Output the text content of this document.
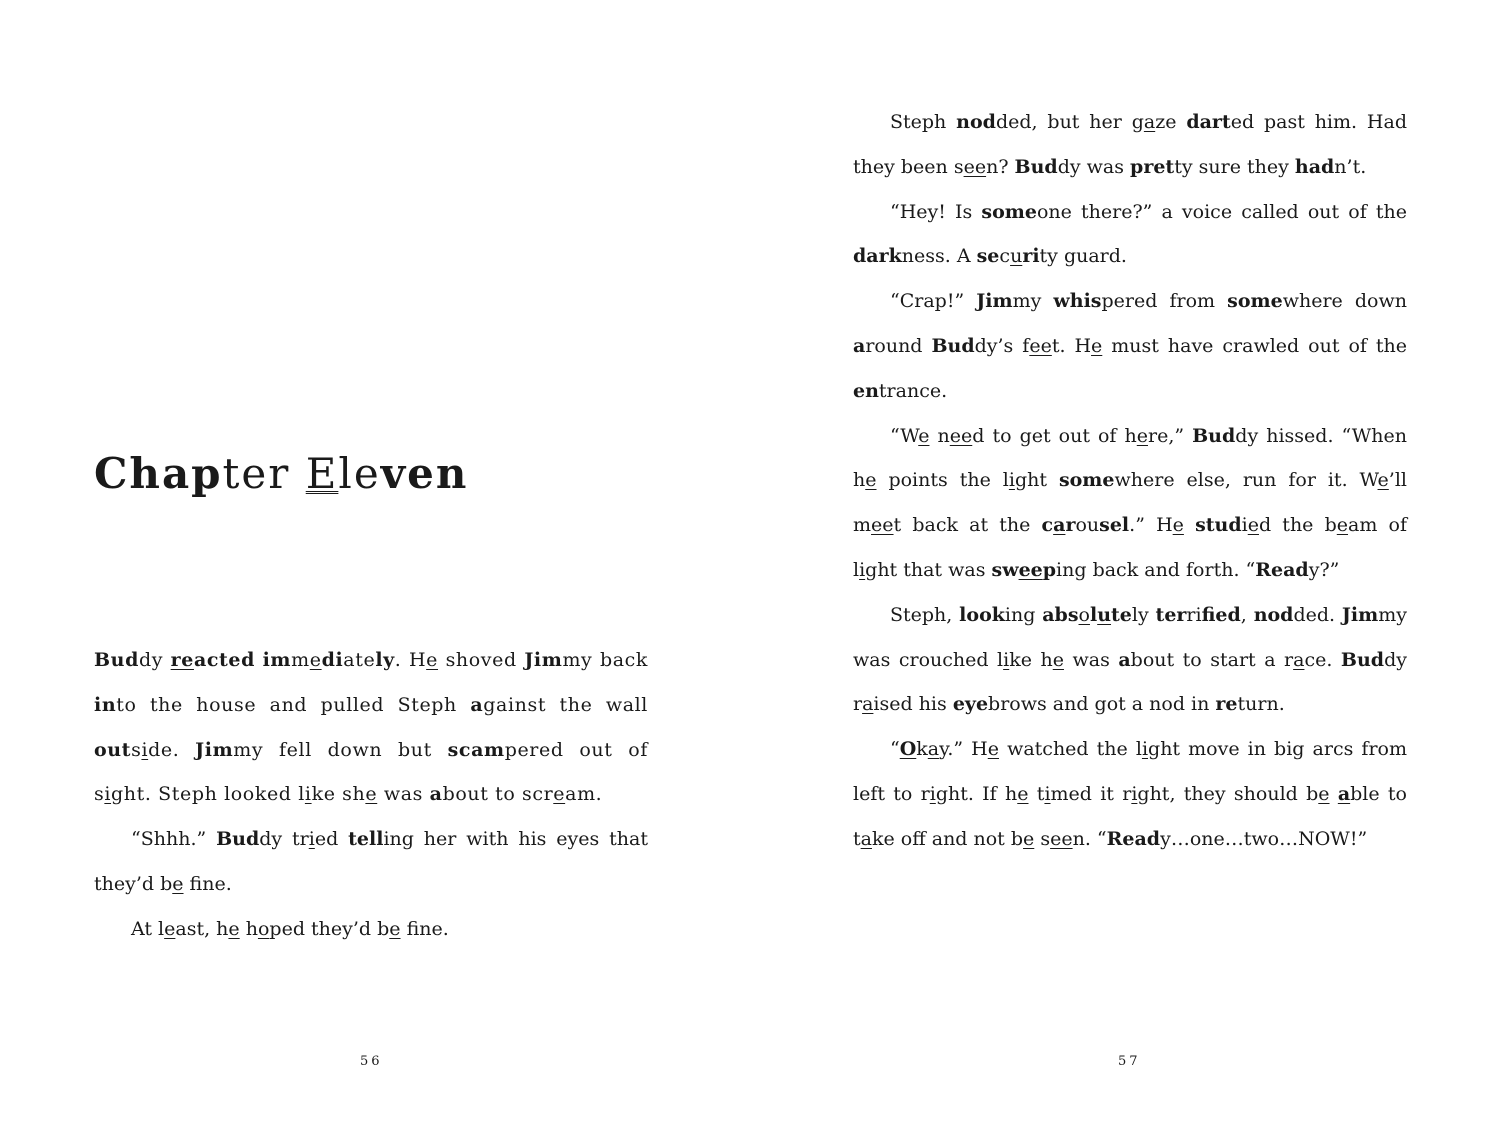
Chapter Eleven

Buddy reacted immediately. He shoved Jimmy back into the house and pulled Steph against the wall outside. Jimmy fell down but scampered out of sight. Steph looked like she was about to scream.

“Shhh.” Buddy tried telling her with his eyes that they’d be fne.

At least, he hoped they’d be fne.

56

Steph nodded, but her gaze darted past him. Had they been seen? Buddy was pretty sure they hadn’t.

“Hey! Is someone there?” a voice called out of the darkness. A security guard.

“Crap!” Jimmy whispered from somewhere down around Buddy’s feet. He must have crawled out of the entrance.

“We need to get out of here,” Buddy hissed. “When he points the light somewhere else, run for it. We’ll meet back at the carousel.” He studied the beam of light that was sweeping back and forth. “Ready?”

Steph, looking absolutely terrifed, nodded. Jimmy was crouched like he was about to start a race. Buddy raised his eyebrows and got a nod in return.

“Okay.” He watched the light move in big arcs from left to right. If he timed it right, they should be able to take off and not be seen. “Ready…one…two…NOW!”

57
